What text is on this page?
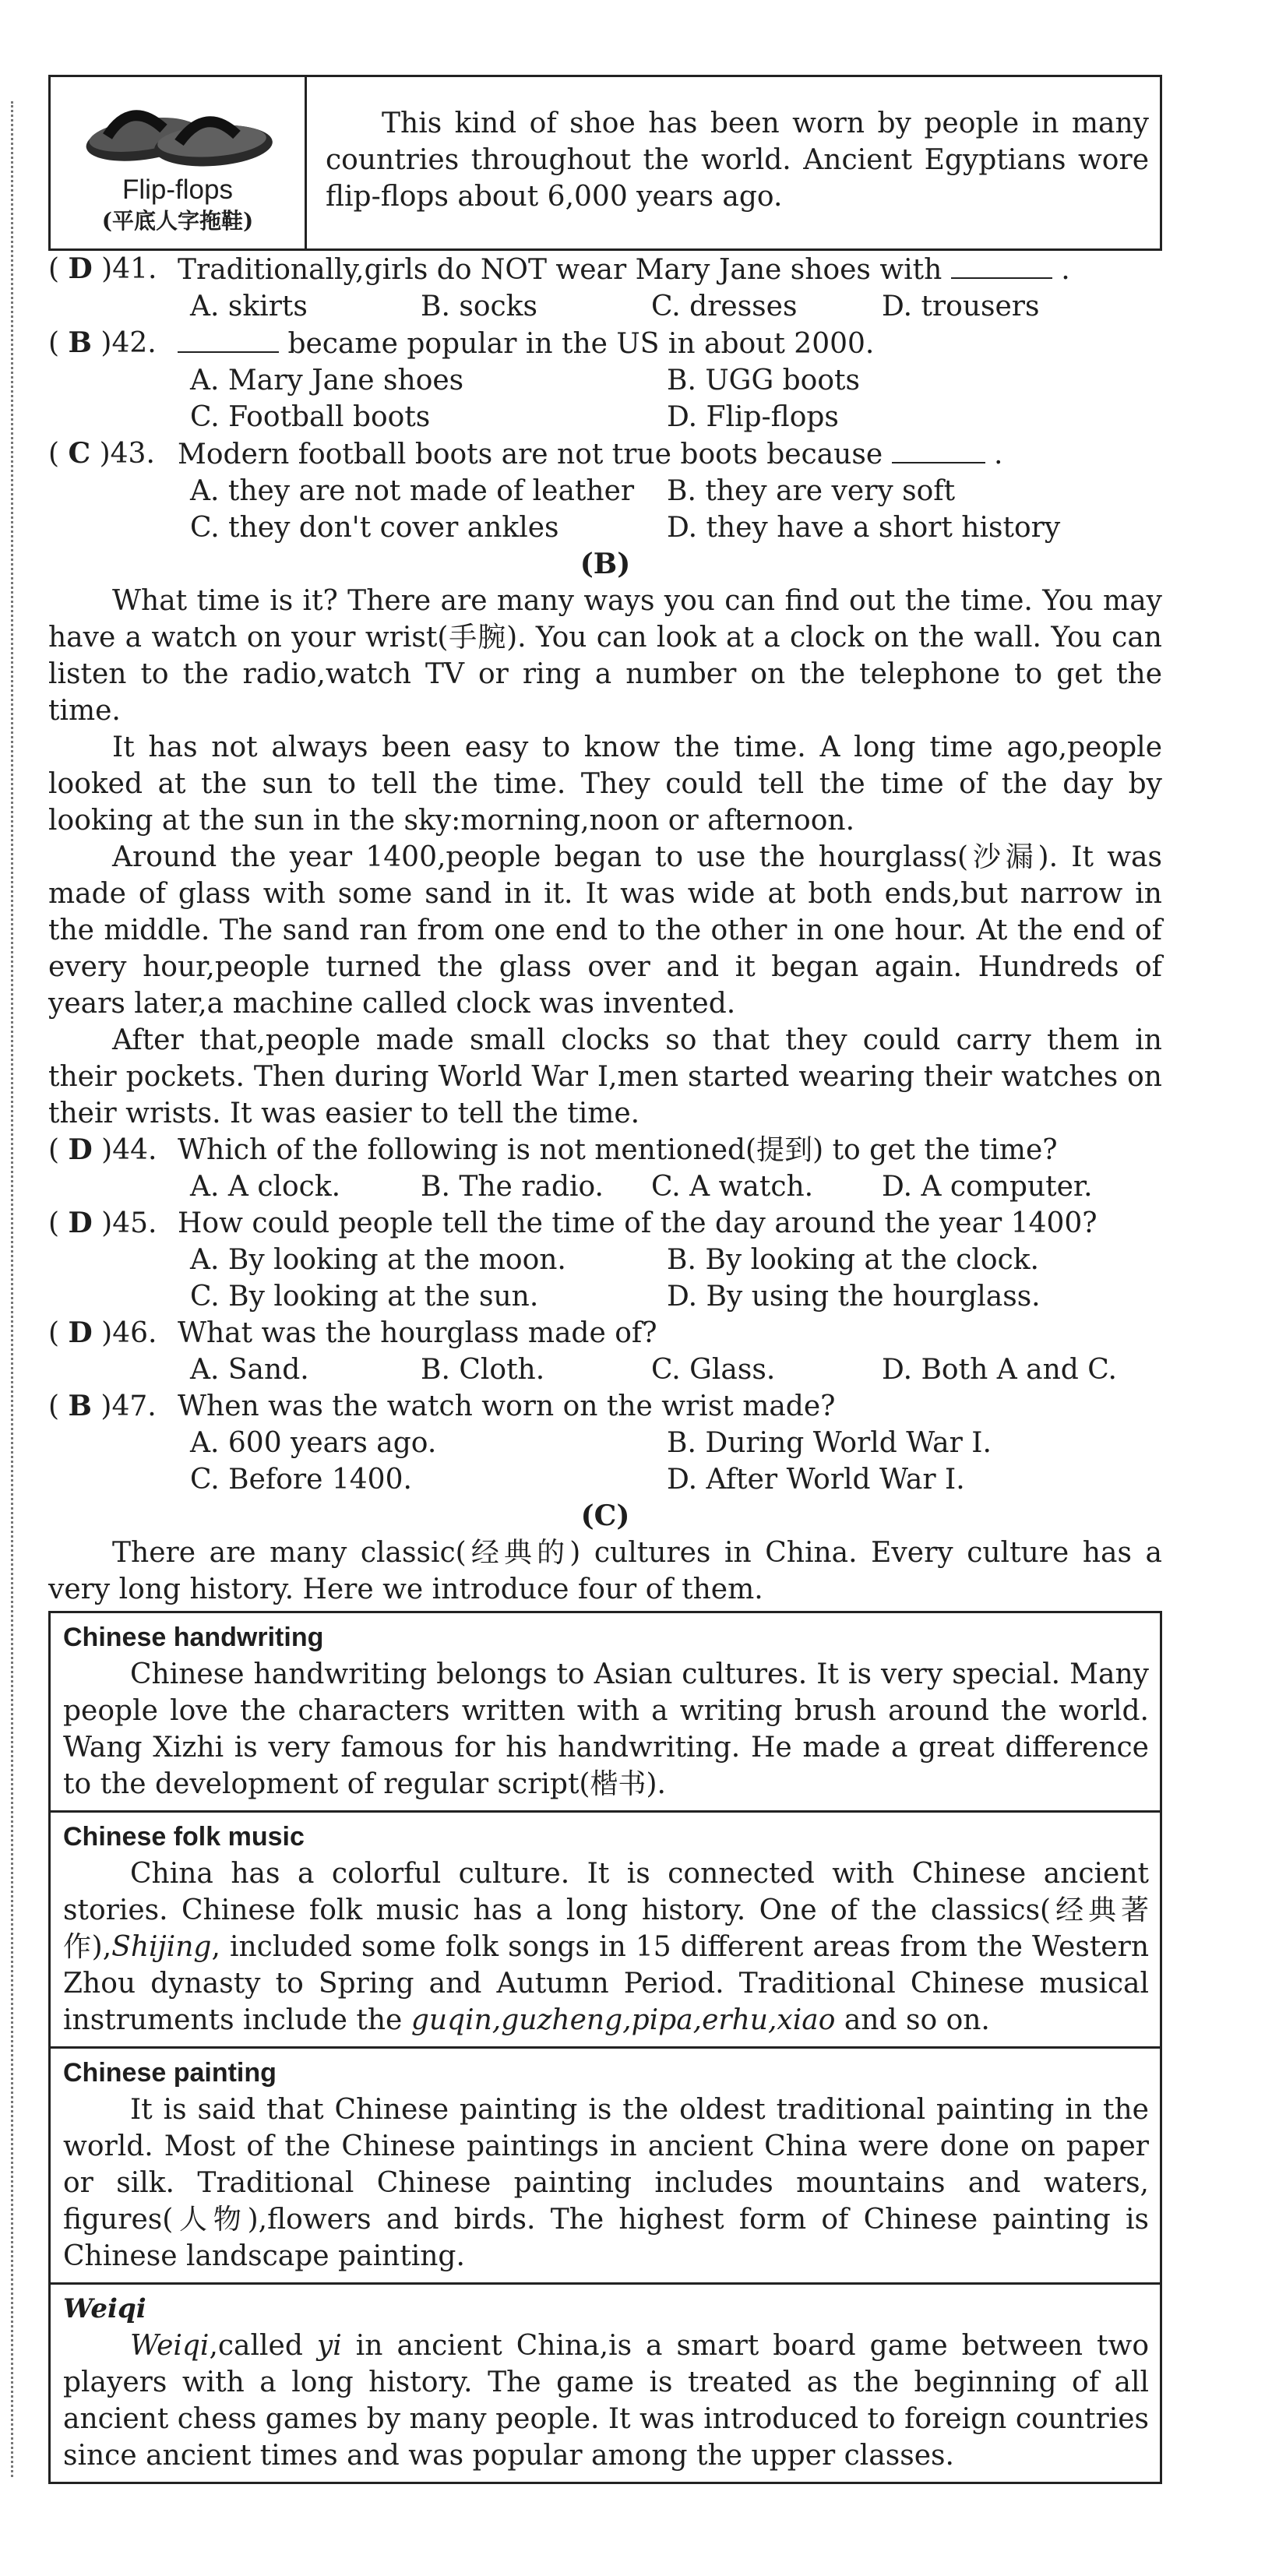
Flip-flops
(平底人字拖鞋)
This kind of shoe has been worn by people in many countries throughout the world. Ancient Egyptians wore flip-flops about 6,000 years ago.
( D )41. Traditionally,girls do NOT wear Mary Jane shoes with	.
A. skirts	B. socks	C. dresses	D. trousers
( B )42.	became popular in the US in about 2000.
A. Mary Jane shoes	B. UGG boots
C. Football boots	D. Flip-flops
( C )43. Modern football boots are not true boots because	.
A. they are not made of leather	B. they are very soft
C. they don't cover ankles	D. they have a short history
(B)
What time is it? There are many ways you can find out the time. You may have a watch on your wrist(手腕). You can look at a clock on the wall. You can listen to the radio,watch TV or ring a number on the telephone to get the time.
It has not always been easy to know the time. A long time ago,people looked at the sun to tell the time. They could tell the time of the day by looking at the sun in the sky:morning,noon or afternoon.
Around the year 1400,people began to use the hourglass(沙漏). It was made of glass with some sand in it. It was wide at both ends,but narrow in the middle. The sand ran from one end to the other in one hour. At the end of every hour,people turned the glass over and it began again. Hundreds of years later,a machine called clock was invented.
After that,people made small clocks so that they could carry them in their pockets. Then during World War I,men started wearing their watches on their wrists. It was easier to tell the time.
( D )44. Which of the following is not mentioned(提到) to get the time?
A. A clock.	B. The radio.	C. A watch.	D. A computer.
( D )45. How could people tell the time of the day around the year 1400?
A. By looking at the moon.	B. By looking at the clock.
C. By looking at the sun.	D. By using the hourglass.
( D )46. What was the hourglass made of?
A. Sand.	B. Cloth.	C. Glass.	D. Both A and C.
( B )47. When was the watch worn on the wrist made?
A. 600 years ago.	B. During World War I.
C. Before 1400.	D. After World War I.
(C)
There are many classic(经典的) cultures in China. Every culture has a very long history. Here we introduce four of them.
Chinese handwriting
Chinese handwriting belongs to Asian cultures. It is very special. Many people love the characters written with a writing brush around the world. Wang Xizhi is very famous for his handwriting. He made a great difference to the development of regular script(楷书).
Chinese folk music
China has a colorful culture. It is connected with Chinese ancient stories. Chinese folk music has a long history. One of the classics(经典著作),Shijing, included some folk songs in 15 different areas from the Western Zhou dynasty to Spring and Autumn Period. Traditional Chinese musical instruments include the guqin,guzheng,pipa,erhu,xiao and so on.
Chinese painting
It is said that Chinese painting is the oldest traditional painting in the world. Most of the Chinese paintings in ancient China were done on paper or silk. Traditional Chinese painting includes mountains and waters, figures(人物),flowers and birds. The highest form of Chinese painting is Chinese landscape painting.
Weiqi
Weiqi,called yi in ancient China,is a smart board game between two players with a long history. The game is treated as the beginning of all ancient chess games by many people. It was introduced to foreign countries since ancient times and was popular among the upper classes.
